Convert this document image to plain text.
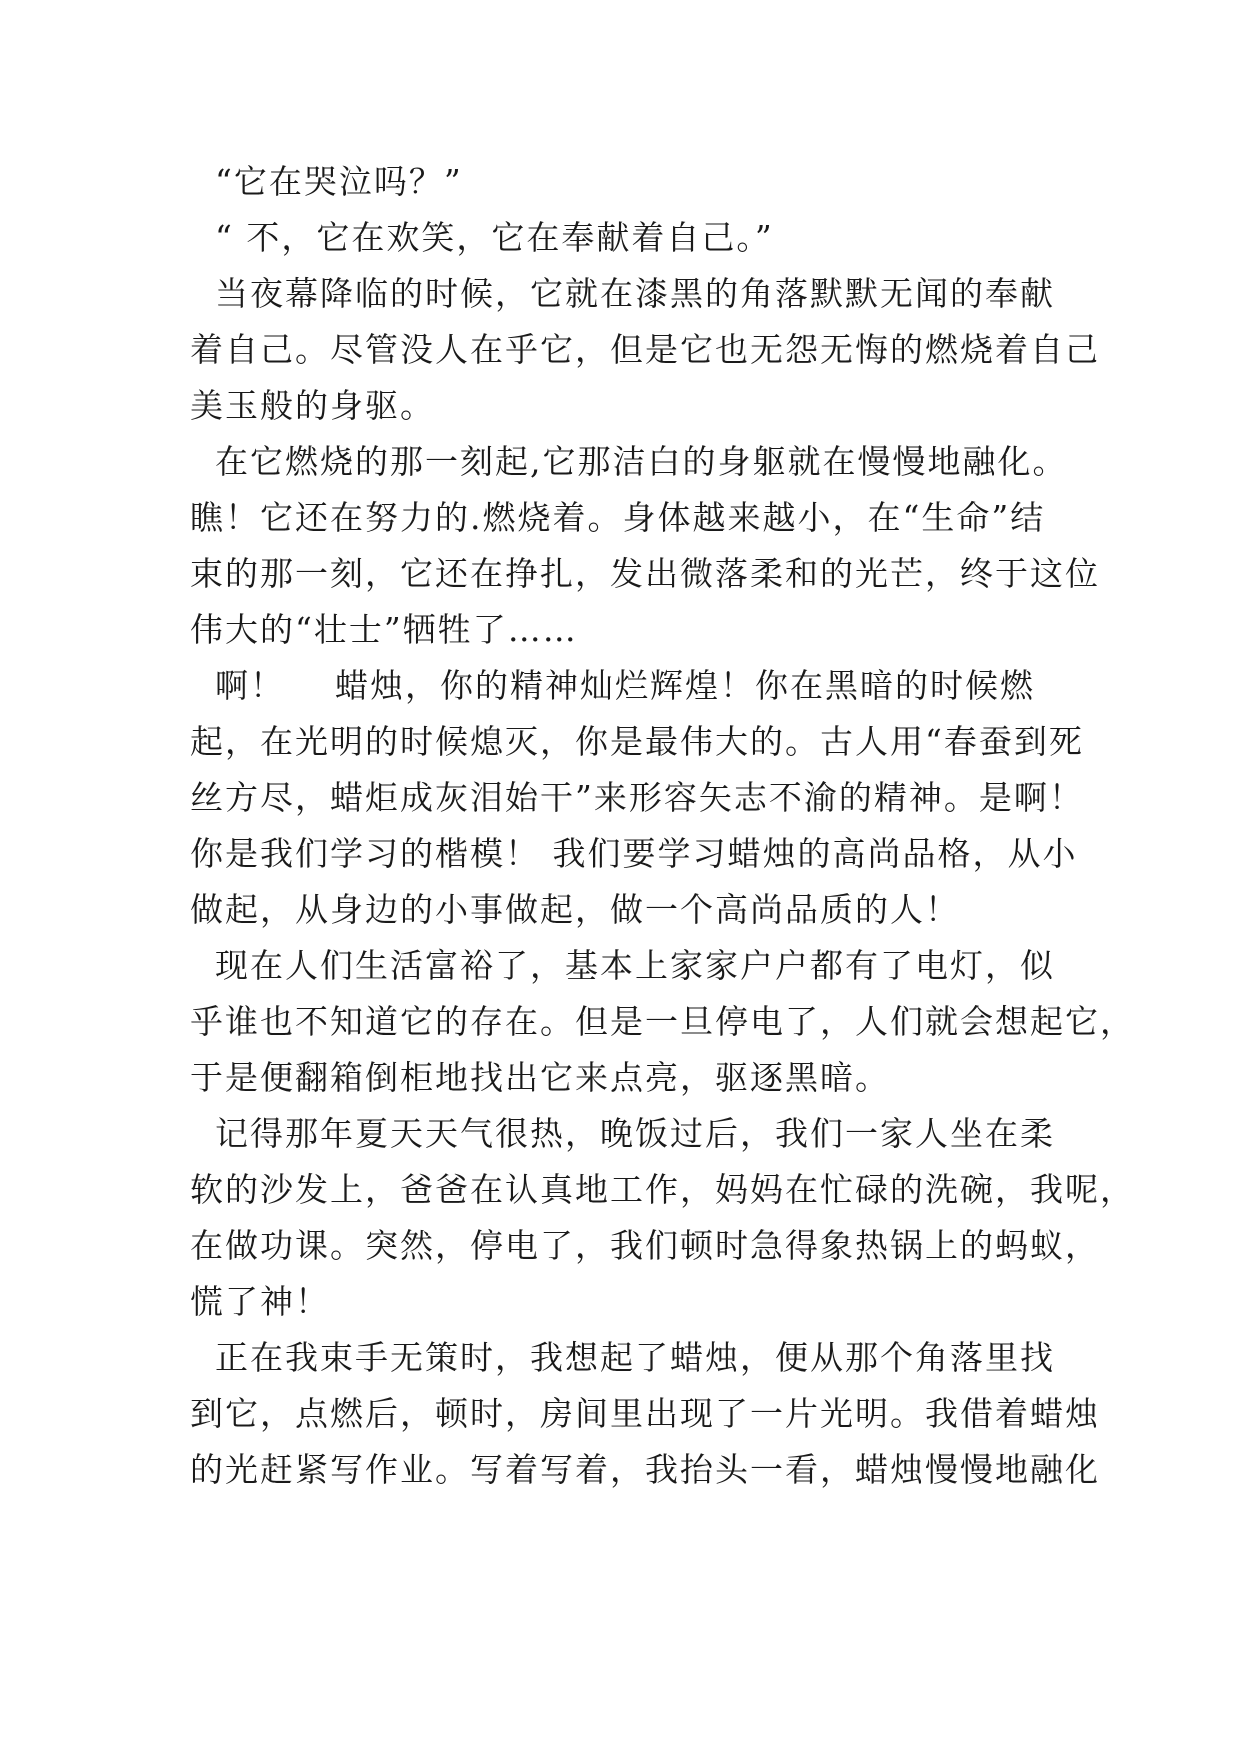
“它在哭泣吗？”
“ 不，它在欢笑，它在奉献着自己。”
当夜幕降临的时候，它就在漆黑的角落默默无闻的奉献
着自己。尽管没人在乎它，但是它也无怨无悔的燃烧着自己
美玉般的身驱。
在它燃烧的那一刻起,它那洁白的身躯就在慢慢地融化。
瞧！它还在努力的.燃烧着。身体越来越小，在“生命”结
束的那一刻，它还在挣扎，发出微落柔和的光芒，终于这位
伟大的“壮士”牺牲了……
啊！    蜡烛，你的精神灿烂辉煌！你在黑暗的时候燃
起，在光明的时候熄灭，你是最伟大的。古人用“春蚕到死
丝方尽，蜡炬成灰泪始干”来形容矢志不渝的精神。是啊！
你是我们学习的楷模！ 我们要学习蜡烛的高尚品格，从小
做起，从身边的小事做起，做一个高尚品质的人！
现在人们生活富裕了，基本上家家户户都有了电灯，似
乎谁也不知道它的存在。但是一旦停电了，人们就会想起它，
于是便翻箱倒柜地找出它来点亮，驱逐黑暗。
记得那年夏天天气很热，晚饭过后，我们一家人坐在柔
软的沙发上，爸爸在认真地工作，妈妈在忙碌的洗碗，我呢，
在做功课。突然，停电了，我们顿时急得象热锅上的蚂蚁，
慌了神！
正在我束手无策时，我想起了蜡烛，便从那个角落里找
到它，点燃后，顿时，房间里出现了一片光明。我借着蜡烛
的光赶紧写作业。写着写着，我抬头一看，蜡烛慢慢地融化
